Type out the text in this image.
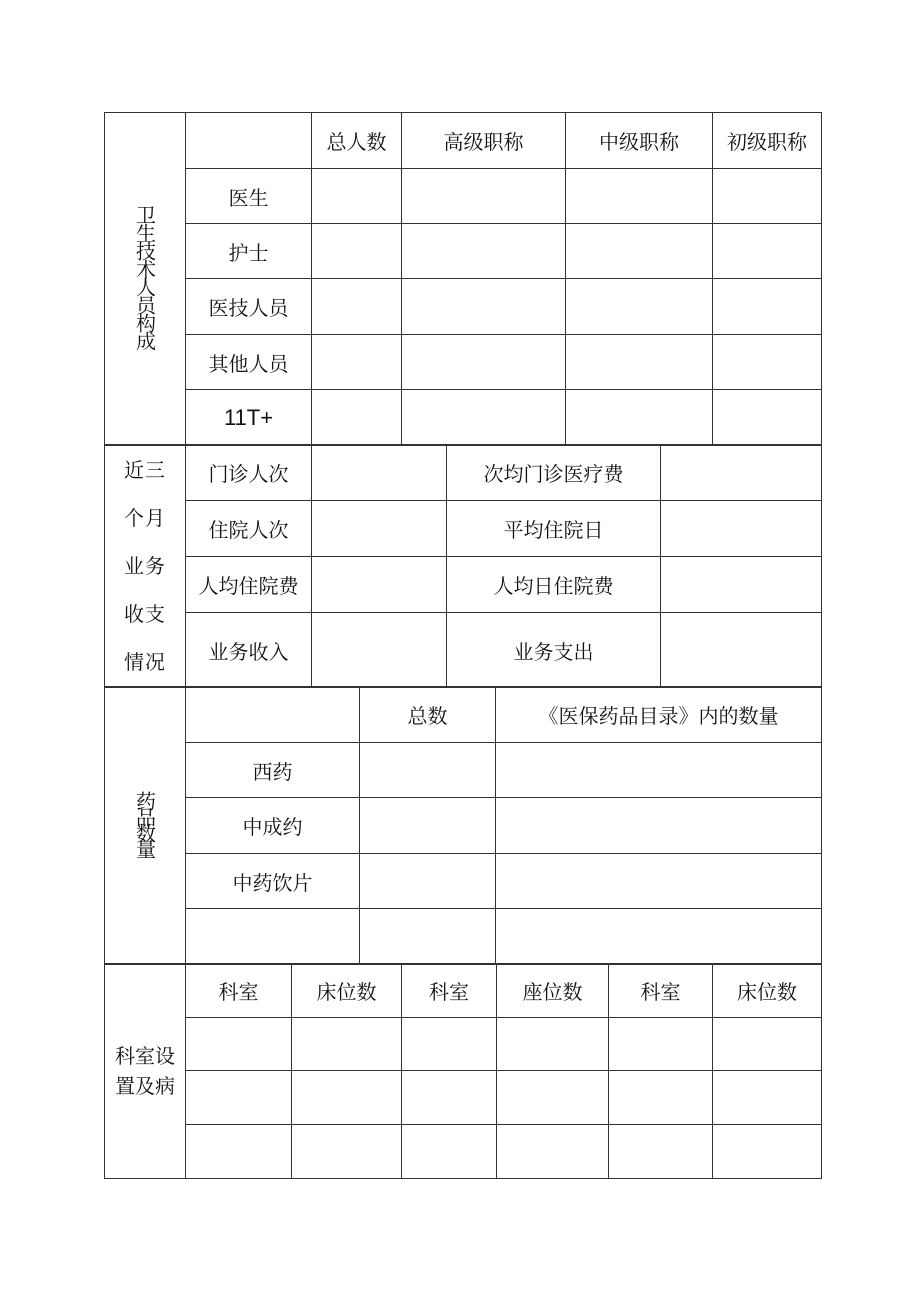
卫生技术人员构成		总人数	高级职称	中级职称	初级职称
	医生				
	护士				
	医技人员				
	其他人员				
	11T+				
近三个月业务收支情况	门诊人次		次均门诊医疗费	
	住院人次		平均住院日	
	人均住院费		人均日住院费	
	业务收入		业务支出	
药品数量		总数	《医保药品目录》内的数量
	西药		
	中成约		
	中药饮片		

科室设置及病	科室	床位数	科室	座位数	科室	床位数
